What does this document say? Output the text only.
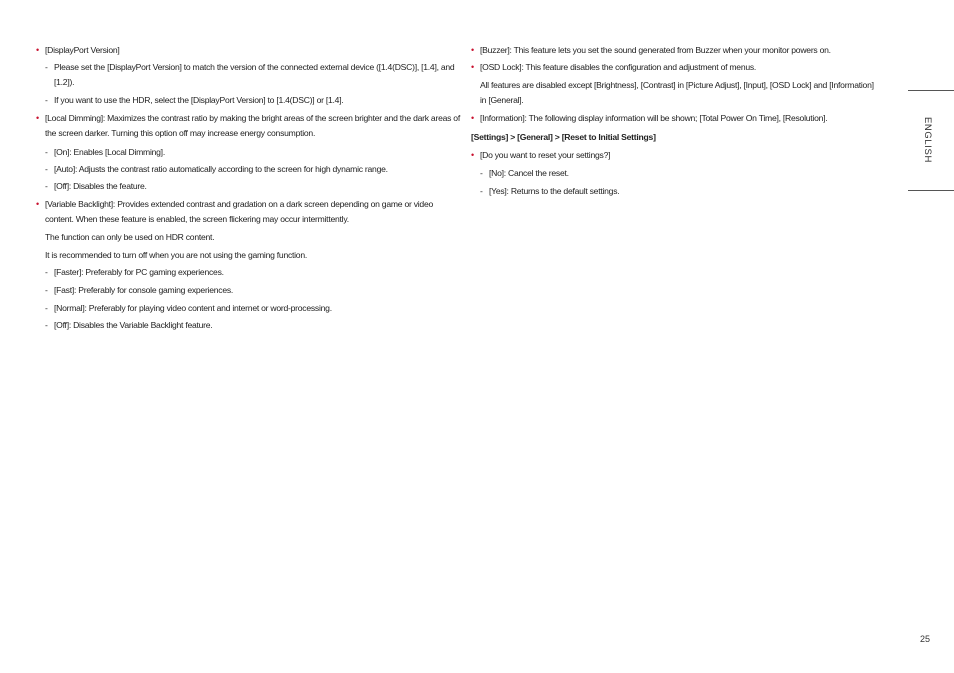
• [DisplayPort Version]

- Please set the [DisplayPort Version] to match the version of the connected external device ([1.4(DSC)], [1.4], and [1.2]).

- If you want to use the HDR, select the [DisplayPort Version] to [1.4(DSC)] or [1.4].

• [Local Dimming]: Maximizes the contrast ratio by making the bright areas of the screen brighter and the dark areas of the screen darker. Turning this option off may increase energy consumption.

- [On]: Enables [Local Dimming].

- [Auto]: Adjusts the contrast ratio automatically according to the screen for high dynamic range.

- [Off]: Disables the feature.

• [Variable Backlight]: Provides extended contrast and gradation on a dark screen depending on game or video content. When these feature is enabled, the screen flickering may occur intermittently.

The function can only be used on HDR content.

It is recommended to turn off when you are not using the gaming function.

- [Faster]: Preferably for PC gaming experiences.

- [Fast]: Preferably for console gaming experiences.

- [Normal]: Preferably for playing video content and internet or word-processing.

- [Off]: Disables the Variable Backlight feature.

• [Buzzer]: This feature lets you set the sound generated from Buzzer when your monitor powers on.

• [OSD Lock]: This feature disables the configuration and adjustment of menus.

All features are disabled except [Brightness], [Contrast] in [Picture Adjust], [Input], [OSD Lock] and [Information] in [General].

• [Information]: The following display information will be shown; [Total Power On Time], [Resolution].

[Settings] > [General] > [Reset to Initial Settings]

• [Do you want to reset your settings?]

- [No]: Cancel the reset.

- [Yes]: Returns to the default settings.

ENGLISH
25
